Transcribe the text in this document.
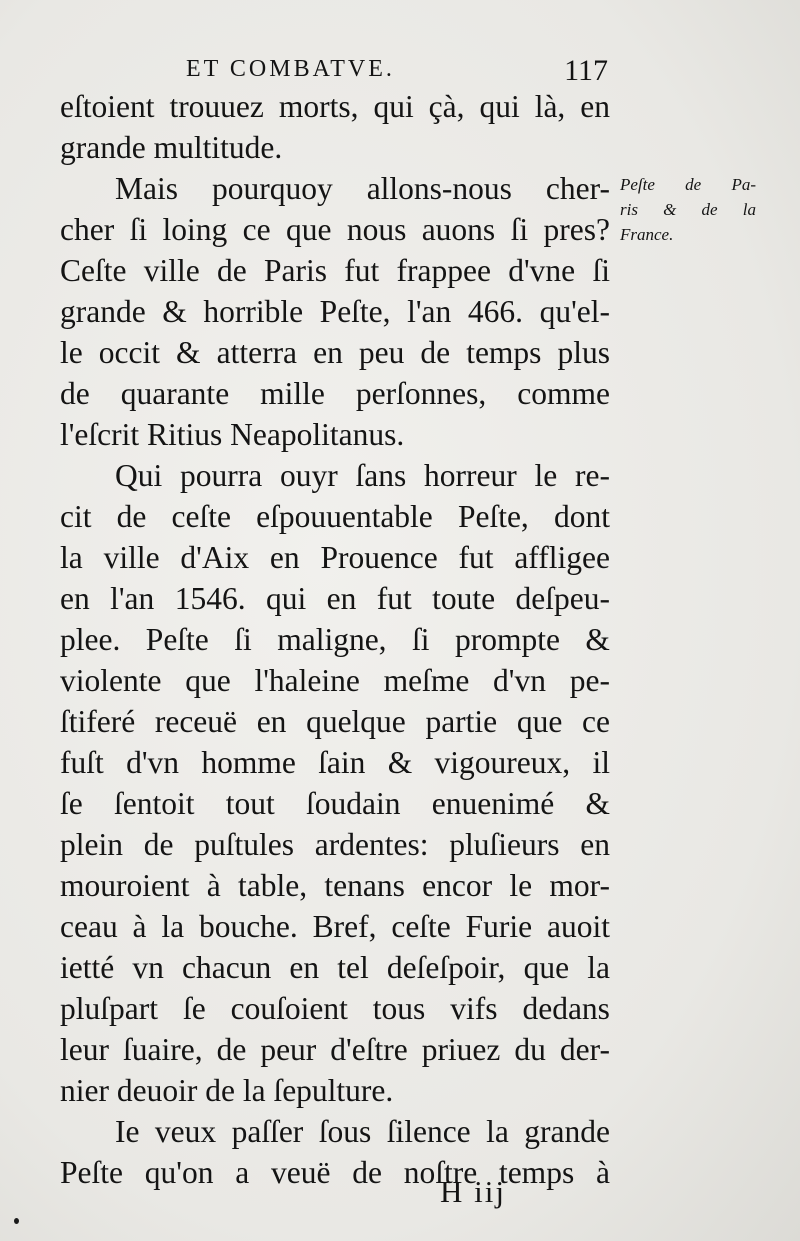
ET COMBATVE.	117
eſtoient trouuez morts, qui çà, qui là, en
grande multitude.
Mais pourquoy allons-nous cher-
cher ſi loing ce que nous auons ſi pres?
Ceſte ville de Paris fut frappee d'vne ſi
grande & horrible Peſte, l'an 466. qu'el-
le occit & atterra en peu de temps plus
de quarante mille perſonnes, comme
l'eſcrit Ritius Neapolitanus.
Qui pourra ouyr ſans horreur le re-
cit de ceſte eſpouuentable Peſte, dont
la ville d'Aix en Prouence fut affligee
en l'an 1546. qui en fut toute deſpeu-
plee. Peſte ſi maligne, ſi prompte &
violente que l'haleine meſme d'vn pe-
ſtiferé receuë en quelque partie que ce
fuſt d'vn homme ſain & vigoureux, il
ſe ſentoit tout ſoudain enuenimé &
plein de puſtules ardentes: pluſieurs en
mouroient à table, tenans encor le mor-
ceau à la bouche. Bref, ceſte Furie auoit
ietté vn chacun en tel deſeſpoir, que la
pluſpart ſe couſoient tous vifs dedans
leur ſuaire, de peur d'eſtre priuez du der-
nier deuoir de la ſepulture.
Ie veux paſſer ſous ſilence la grande
Peſte qu'on a veuë de noſtre temps à
Peſte de Pa-
ris & de la
France.
H iij
